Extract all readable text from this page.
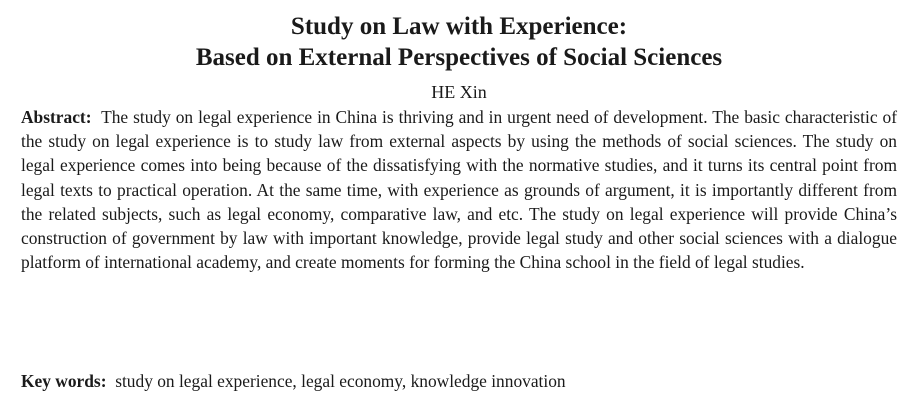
Study on Law with Experience:
Based on External Perspectives of Social Sciences
HE Xin

Abstract: The study on legal experience in China is thriving and in urgent need of development. The basic characteristic of the study on legal experience is to study law from external aspects by using the methods of social sciences. The study on legal experience comes into being because of the dissatisfying with the normative studies, and it turns its central point from legal texts to practical operation. At the same time, with experience as grounds of argument, it is importantly different from the related subjects, such as legal economy, comparative law, and etc. The study on legal experience will provide China’s construction of government by law with important knowledge, provide legal study and other social sciences with a dialogue platform of international academy, and create moments for forming the China school in the field of legal studies.

Key words: study on legal experience, legal economy, knowledge innovation
